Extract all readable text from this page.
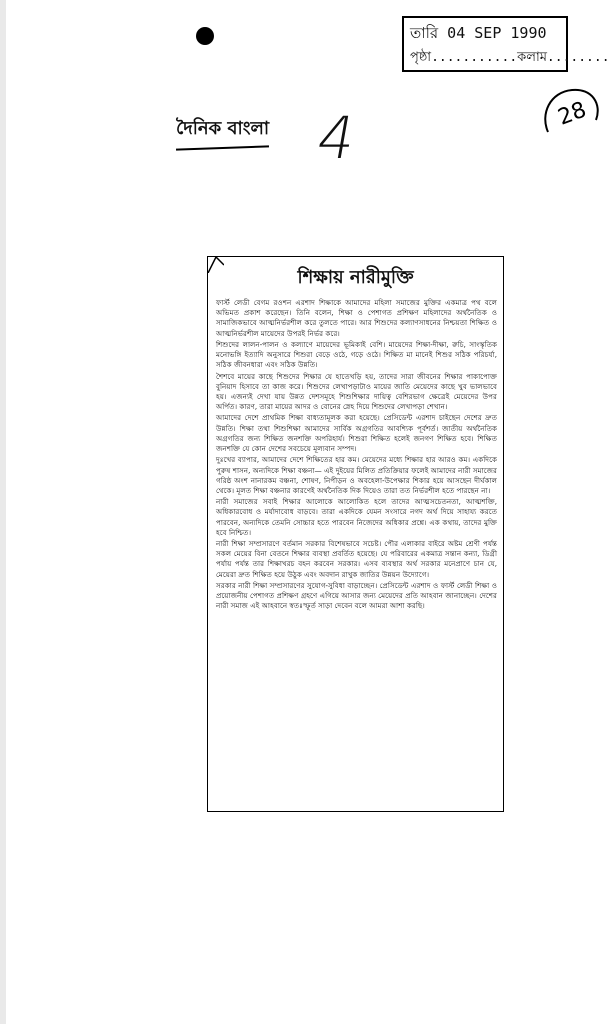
তারি 04 SEP 1990
পৃষ্ঠা...........কলাম........
দৈনিক বাংলা 4	28
শিক্ষায় নারীমুক্তি

ফার্স্ট লেডী বেগম রওশন এরশাদ শিক্ষাকে আমাদের মহিলা সমাজের মুক্তির একমাত্র পথ বলে অভিমত প্রকাশ করেছেন। তিনি বলেন, শিক্ষা ও পেশাগত প্রশিক্ষণ মহিলাদের অর্থনৈতিক ও সামাজিকভাবে আত্মনির্ভরশীল করে তুলতে পারে। আর শিশুদের কল্যাণসাধনের নিশ্চয়তা শিক্ষিত ও আত্মনির্ভরশীল মায়েদের উপরই নির্ভর করে।

শিশুদের লালন-পালন ও কল্যাণে মায়েদের ভূমিকাই বেশি। মায়েদের শিক্ষা-দীক্ষা, রুচি, সাংস্কৃতিক মনোভঙ্গি ইত্যাদি অনুসারে শিশুরা বেড়ে ওঠে, গড়ে ওঠে। শিক্ষিত মা মানেই শিশুর সঠিক পরিচর্যা, সঠিক জীবনধারা এবং সঠিক উন্নতি।

শৈশবে মায়ের কাছে শিশুদের শিক্ষার যে হাতেখড়ি হয়, তাদের সারা জীবনের শিক্ষার পাকাপোক্ত বুনিয়াদ হিসাবে তা কাজ করে। শিশুদের লেখাপড়াটাও মায়ের জাতি মেয়েদের কাছে খুব ভালভাবে হয়। এজন্যই দেখা যায় উন্নত দেশসমূহে শিশুশিক্ষার দায়িত্ব বেশিরভাগ ক্ষেত্রেই মেয়েদের উপর অর্পিত। কারণ, তারা মায়ের আদর ও বোনের স্নেহ দিয়ে শিশুদের লেখাপড়া শেখান।

আমাদের দেশে প্রাথমিক শিক্ষা বাধ্যতামূলক করা হয়েছে। প্রেসিডেন্ট এরশাদ চাইছেন দেশের দ্রুত উন্নতি। শিক্ষা তথা শিশুশিক্ষা আমাদের সার্বিক অগ্রগতির আবশ্যিক পূর্বশর্ত। জাতীয় অর্থনৈতিক অগ্রগতির জন্য শিক্ষিত জনশক্তি অপরিহার্য। শিশুরা শিক্ষিত হলেই জনগণ শিক্ষিত হবে। শিক্ষিত জনশক্তি যে কোন দেশের সবচেয়ে মূল্যবান সম্পদ।

দুঃখের ব্যাপার, আমাদের দেশে শিক্ষিতের হার কম। মেয়েদের মধ্যে শিক্ষার হার আরও কম। একদিকে পুরুষ শাসন, অন্যদিকে শিক্ষা বঞ্চনা— এই দুইয়ের মিলিত প্রতিক্রিয়ার ফলেই আমাদের নারী সমাজের গরিষ্ঠ অংশ নানারকম বঞ্চনা, শোষণ, নিপীড়ন ও অবহেলা-উপেক্ষার শিকার হয়ে আসছেন দীর্ঘকাল থেকে। মূলত শিক্ষা বঞ্চনার কারণেই অর্থনৈতিক দিক দিয়েও তারা তত নির্ভরশীল হতে পারছেন না।

নারী সমাজের সবাই শিক্ষার আলোকে আলোকিত হলে তাদের আত্মসচেতনতা, আত্মশক্তি, অধিকারবোধ ও মর্যাদাবোধ বাড়বে। তারা একদিকে যেমন সংসারে নগদ অর্থ দিয়ে সাহায্য করতে পারবেন, অন্যদিকে তেমনি সোচ্চার হতে পারবেন নিজেদের অধিকার প্রশ্নে। এক কথায়, তাদের মুক্তি হবে নিশ্চিত।

নারী শিক্ষা সম্প্রসারণে বর্তমান সরকার বিশেষভাবে সচেষ্ট। পৌর এলাকার বাইরে অষ্টম শ্রেণী পর্যন্ত সকল মেয়ের বিনা বেতনে শিক্ষার ব্যবস্থা প্রবর্তিত হয়েছে। যে পরিবারের একমাত্র সন্তান কন্যা, ডিগ্রী পর্যায় পর্যন্ত তার শিক্ষাখরচ বহন করবেন সরকার। এসব ব্যবস্থার অর্থ সরকার মনেপ্রাণে চান যে, মেয়েরা দ্রুত শিক্ষিত হয়ে উঠুক এবং অবদান রাখুক জাতির উন্নয়ন উদ্যোগে।

সরকার নারী শিক্ষা সম্প্রসারণের সুযোগ-সুবিধা বাড়াচ্ছেন। প্রেসিডেন্ট এরশাদ ও ফার্স্ট লেডী শিক্ষা ও প্রয়োজনীয় পেশাগত প্রশিক্ষণ গ্রহণে এগিয়ে আসার জন্য মেয়েদের প্রতি আহবান জানাচ্ছেন। দেশের নারী সমাজ এই আহবানে স্বতঃস্ফূর্ত সাড়া দেবেন বলে আমরা আশা করছি।
